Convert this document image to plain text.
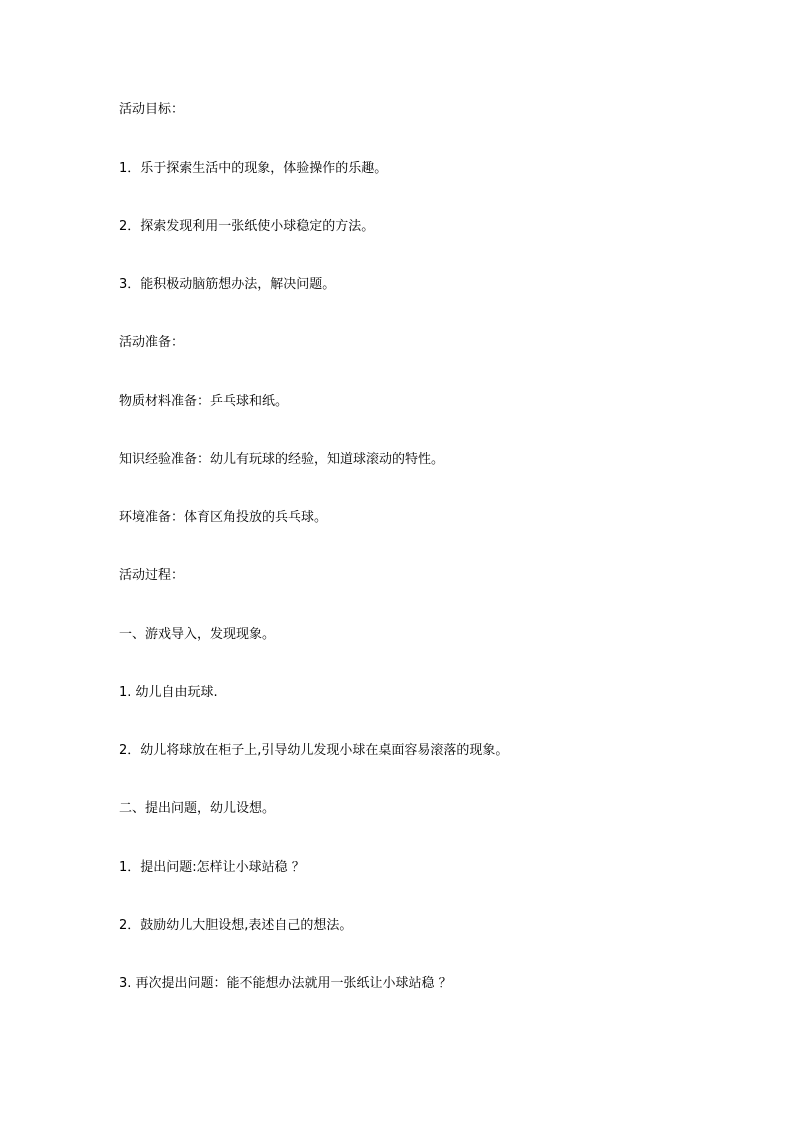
活动目标：
1．乐于探索生活中的现象，体验操作的乐趣。
2．探索发现利用一张纸使小球稳定的方法。
3．能积极动脑筋想办法，解决问题。
活动准备：
物质材料准备：乒乓球和纸。
知识经验准备：幼儿有玩球的经验，知道球滚动的特性。
环境准备：体育区角投放的兵乓球。
活动过程：
一、游戏导入，发现现象。
1. 幼儿自由玩球.
2．幼儿将球放在柜子上,引导幼儿发现小球在桌面容易滚落的现象。
二、提出问题，幼儿设想。
1．提出问题:怎样让小球站稳 ？
2．鼓励幼儿大胆设想,表述自己的想法。
3. 再次提出问题：能不能想办法就用一张纸让小球站稳 ？
